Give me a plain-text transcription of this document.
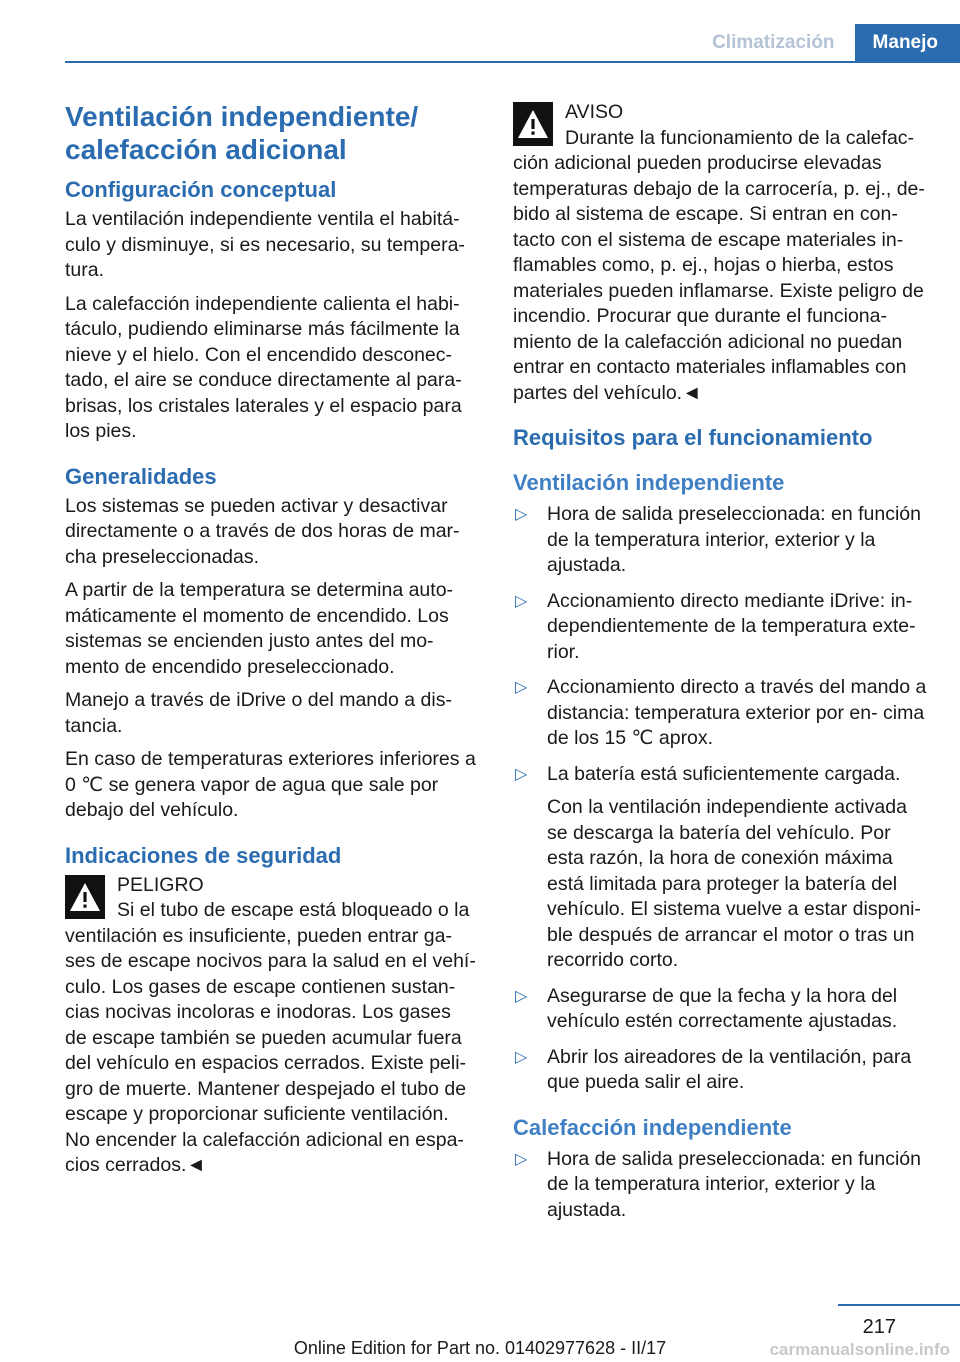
Climatización	Manejo
Ventilación independiente/ calefacción adicional
Configuración conceptual

La ventilación independiente ventila el habitá- culo y disminuye, si es necesario, su tempera- tura.

La calefacción independiente calienta el habi- táculo, pudiendo eliminarse más fácilmente la nieve y el hielo. Con el encendido desconec- tado, el aire se conduce directamente al para- brisas, los cristales laterales y el espacio para los pies.

Generalidades

Los sistemas se pueden activar y desactivar directamente o a través de dos horas de mar- cha preseleccionadas.

A partir de la temperatura se determina auto- máticamente el momento de encendido. Los sistemas se encienden justo antes del mo- mento de encendido preseleccionado.

Manejo a través de iDrive o del mando a dis- tancia.

En caso de temperaturas exteriores inferiores a 0 ℃ se genera vapor de agua que sale por debajo del vehículo.

Indicaciones de seguridad
PELIGRO
Si el tubo de escape está bloqueado o la
ventilación es insuficiente, pueden entrar ga- ses de escape nocivos para la salud en el vehí- culo. Los gases de escape contienen sustan- cias nocivas incoloras e inodoras. Los gases de escape también se pueden acumular fuera del vehículo en espacios cerrados. Existe peli- gro de muerte. Mantener despejado el tubo de escape y proporcionar suficiente ventilación. No encender la calefacción adicional en espa- cios cerrados.◄
AVISO
Durante la funcionamiento de la calefac-
ción adicional pueden producirse elevadas temperaturas debajo de la carrocería, p. ej., de- bido al sistema de escape. Si entran en con- tacto con el sistema de escape materiales in- flamables como, p. ej., hojas o hierba, estos materiales pueden inflamarse. Existe peligro de incendio. Procurar que durante el funciona- miento de la calefacción adicional no puedan entrar en contacto materiales inflamables con partes del vehículo.◄
Requisitos para el funcionamiento
Ventilación independiente
▷ Hora de salida preseleccionada: en función de la temperatura interior, exterior y la ajustada.
▷ Accionamiento directo mediante iDrive: in- dependientemente de la temperatura exte- rior.
▷ Accionamiento directo a través del mando a distancia: temperatura exterior por en- cima de los 15 ℃ aprox.
▷ La batería está suficientemente cargada.
Con la ventilación independiente activada se descarga la batería del vehículo. Por esta razón, la hora de conexión máxima está limitada para proteger la batería del vehículo. El sistema vuelve a estar disponi- ble después de arrancar el motor o tras un recorrido corto.
▷ Asegurarse de que la fecha y la hora del vehículo estén correctamente ajustadas.
▷ Abrir los aireadores de la ventilación, para que pueda salir el aire.
Calefacción independiente
▷ Hora de salida preseleccionada: en función de la temperatura interior, exterior y la ajustada.
217
Online Edition for Part no. 01402977628 - II/17	carmanualsonline.info
